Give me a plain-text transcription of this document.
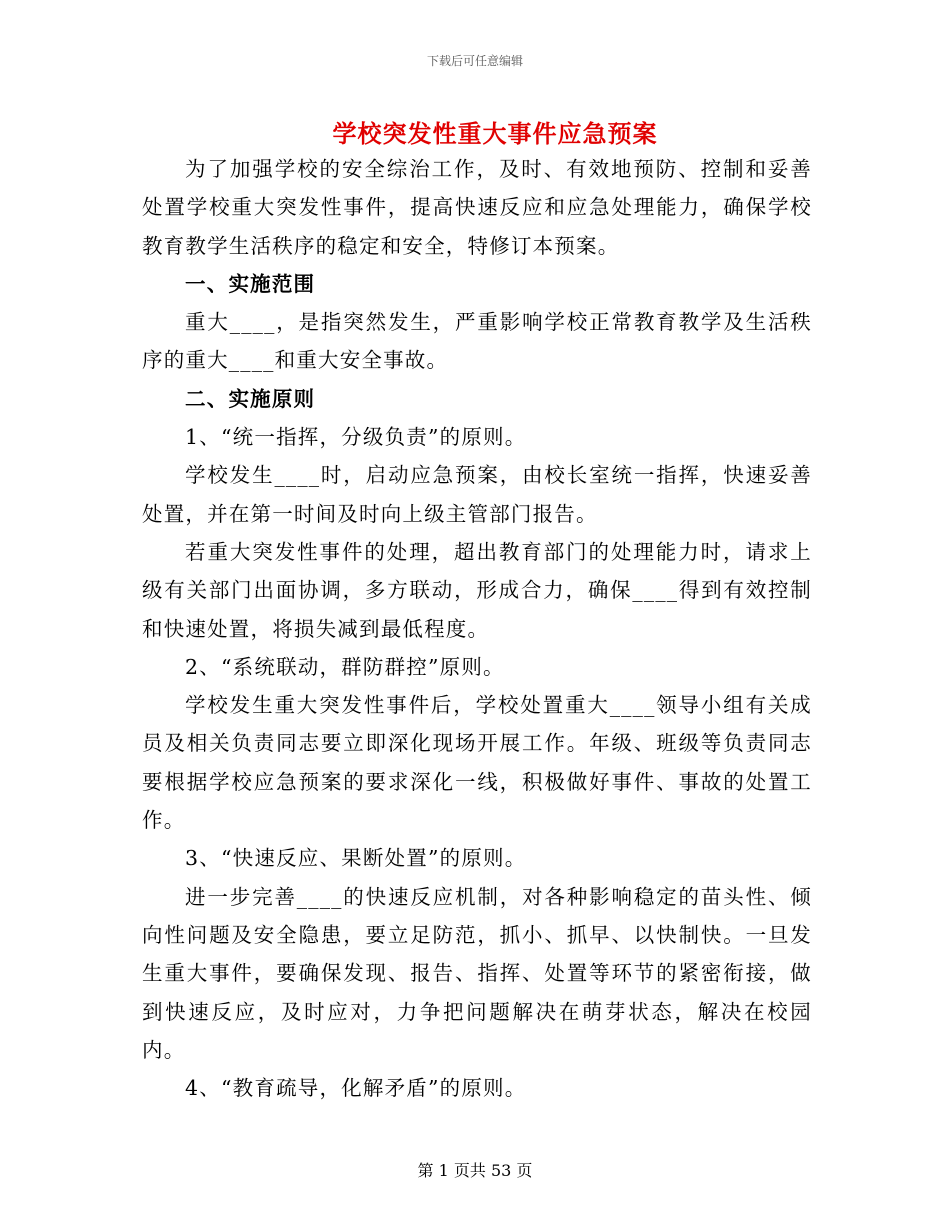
下载后可任意编辑
学校突发性重大事件应急预案

为了加强学校的安全综治工作，及时、有效地预防、控制和妥善处置学校重大突发性事件，提高快速反应和应急处理能力，确保学校教育教学生活秩序的稳定和安全，特修订本预案。

一、实施范围

重大____，是指突然发生，严重影响学校正常教育教学及生活秩序的重大____和重大安全事故。

二、实施原则

1、“统一指挥，分级负责”的原则。

学校发生____时，启动应急预案，由校长室统一指挥，快速妥善处置，并在第一时间及时向上级主管部门报告。

若重大突发性事件的处理，超出教育部门的处理能力时，请求上级有关部门出面协调，多方联动，形成合力，确保____得到有效控制和快速处置，将损失减到最低程度。

2、“系统联动，群防群控”原则。

学校发生重大突发性事件后，学校处置重大____领导小组有关成员及相关负责同志要立即深化现场开展工作。年级、班级等负责同志要根据学校应急预案的要求深化一线，积极做好事件、事故的处置工作。

3、“快速反应、果断处置”的原则。

进一步完善____的快速反应机制，对各种影响稳定的苗头性、倾向性问题及安全隐患，要立足防范，抓小、抓早、以快制快。一旦发生重大事件，要确保发现、报告、指挥、处置等环节的紧密衔接，做到快速反应，及时应对，力争把问题解决在萌芽状态，解决在校园内。

4、“教育疏导，化解矛盾”的原则。

第 1 页共 53 页
